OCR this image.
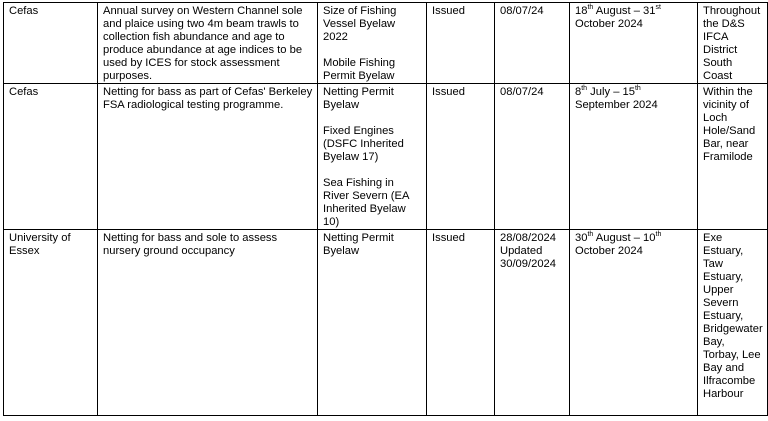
Cefas	Annual survey on Western Channel sole and plaice using two 4m beam trawls to collection fish abundance and age to produce abundance at age indices to be used by ICES for stock assessment purposes.	Size of Fishing Vessel Byelaw 2022

Mobile Fishing Permit Byelaw	Issued	08/07/24	18th August – 31st October 2024	Throughout the D&S IFCA District South Coast
Cefas	Netting for bass as part of Cefas' Berkeley FSA radiological testing programme.	Netting Permit Byelaw

Fixed Engines (DSFC Inherited Byelaw 17)

Sea Fishing in River Severn (EA Inherited Byelaw 10)	Issued	08/07/24	8th July – 15th September 2024	Within the vicinity of Loch Hole/Sand Bar, near Framilode
University of Essex	Netting for bass and sole to assess nursery ground occupancy	Netting Permit Byelaw	Issued	28/08/2024 Updated 30/09/2024	30th August – 10th October 2024	Exe Estuary, Taw Estuary, Upper Severn Estuary, Bridgewater Bay, Torbay, Lee Bay and Ilfracombe Harbour
